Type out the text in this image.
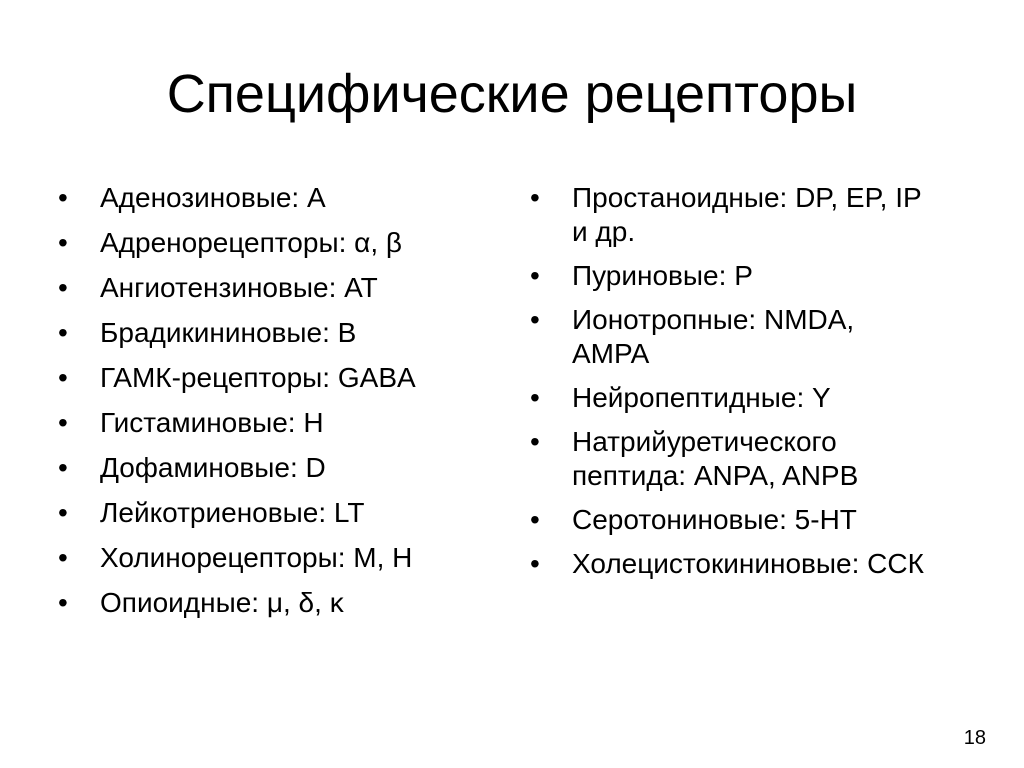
Специфические рецепторы
•	Аденозиновые: А
•	Адренорецепторы: α, β
•	Ангиотензиновые: АТ
•	Брадикининовые: В
•	ГАМК-рецепторы: GABA
•	Гистаминовые: Н
•	Дофаминовые: D
•	Лейкотриеновые: LT
•	Холинорецепторы: М, Н
•	Опиоидные: μ, δ, κ
•	Простаноидные: DP, EP, IP и др.
•	Пуриновые: Р
•	Ионотропные: NMDA, AMPA
•	Нейропептидные: Y
•	Натрийуретического пептида: ANPA, ANPB
•	Серотониновые: 5-НТ
•	Холецистокининовые: ССК
18
